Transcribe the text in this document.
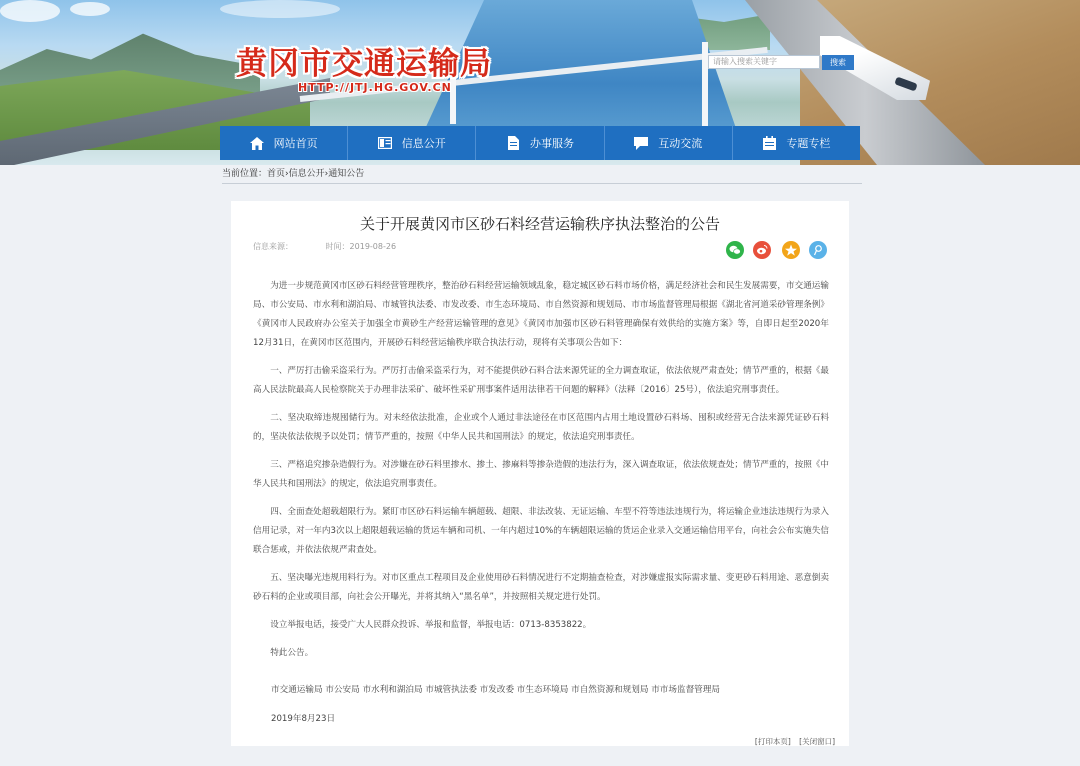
黄冈市交通运输局
HTTP://JTJ.HG.GOV.CN
请输入搜索关键字	搜索
网站首页	信息公开	办事服务	互动交流	专题专栏
当前位置：首页›信息公开›通知公告
关于开展黄冈市区砂石料经营运输秩序执法整治的公告
信息来源：	时间：2019-08-26

为进一步规范黄冈市区砂石料经营管理秩序，整治砂石料经营运输领域乱象，稳定城区砂石料市场价格，满足经济社会和民生发展需要，市交通运输局、市公安局、市水利和湖泊局、市城管执法委、市发改委、市生态环境局、市自然资源和规划局、市市场监督管理局根据《湖北省河道采砂管理条例》《黄冈市人民政府办公室关于加强全市黄砂生产经营运输管理的意见》《黄冈市加强市区砂石料管理确保有效供给的实施方案》等，自即日起至2020年12月31日，在黄冈市区范围内，开展砂石料经营运输秩序联合执法行动，现将有关事项公告如下：

一、严厉打击偷采盗采行为。严厉打击偷采盗采行为，对不能提供砂石料合法来源凭证的全力调查取证，依法依规严肃查处；情节严重的，根据《最高人民法院最高人民检察院关于办理非法采矿、破坏性采矿刑事案件适用法律若干问题的解释》（法释〔2016〕25号），依法追究刑事责任。

二、坚决取缔违规囤储行为。对未经依法批准，企业或个人通过非法途径在市区范围内占用土地设置砂石料场、囤积或经营无合法来源凭证砂石料的，坚决依法依规予以处罚；情节严重的，按照《中华人民共和国刑法》的规定，依法追究刑事责任。

三、严格追究掺杂造假行为。对涉嫌在砂石料里掺水、掺土、掺麻料等掺杂造假的违法行为，深入调查取证，依法依规查处；情节严重的，按照《中华人民共和国刑法》的规定，依法追究刑事责任。

四、全面查处超载超限行为。紧盯市区砂石料运输车辆超载、超限、非法改装、无证运输、车型不符等违法违规行为，将运输企业违法违规行为录入信用记录，对一年内3次以上超限超载运输的货运车辆和司机、一年内超过10%的车辆超限运输的货运企业录入交通运输信用平台，向社会公布实施失信联合惩戒，并依法依规严肃查处。

五、坚决曝光违规用料行为。对市区重点工程项目及企业使用砂石料情况进行不定期抽查检查，对涉嫌虚报实际需求量、变更砂石料用途、恶意倒卖砂石料的企业或项目部，向社会公开曝光，并将其纳入“黑名单”，并按照相关规定进行处罚。

设立举报电话，接受广大人民群众投诉、举报和监督，举报电话：0713-8353822。

特此公告。

市交通运输局 市公安局 市水利和湖泊局 市城管执法委 市发改委 市生态环境局 市自然资源和规划局 市市场监督管理局
2019年8月23日
[打印本页] [关闭窗口]
